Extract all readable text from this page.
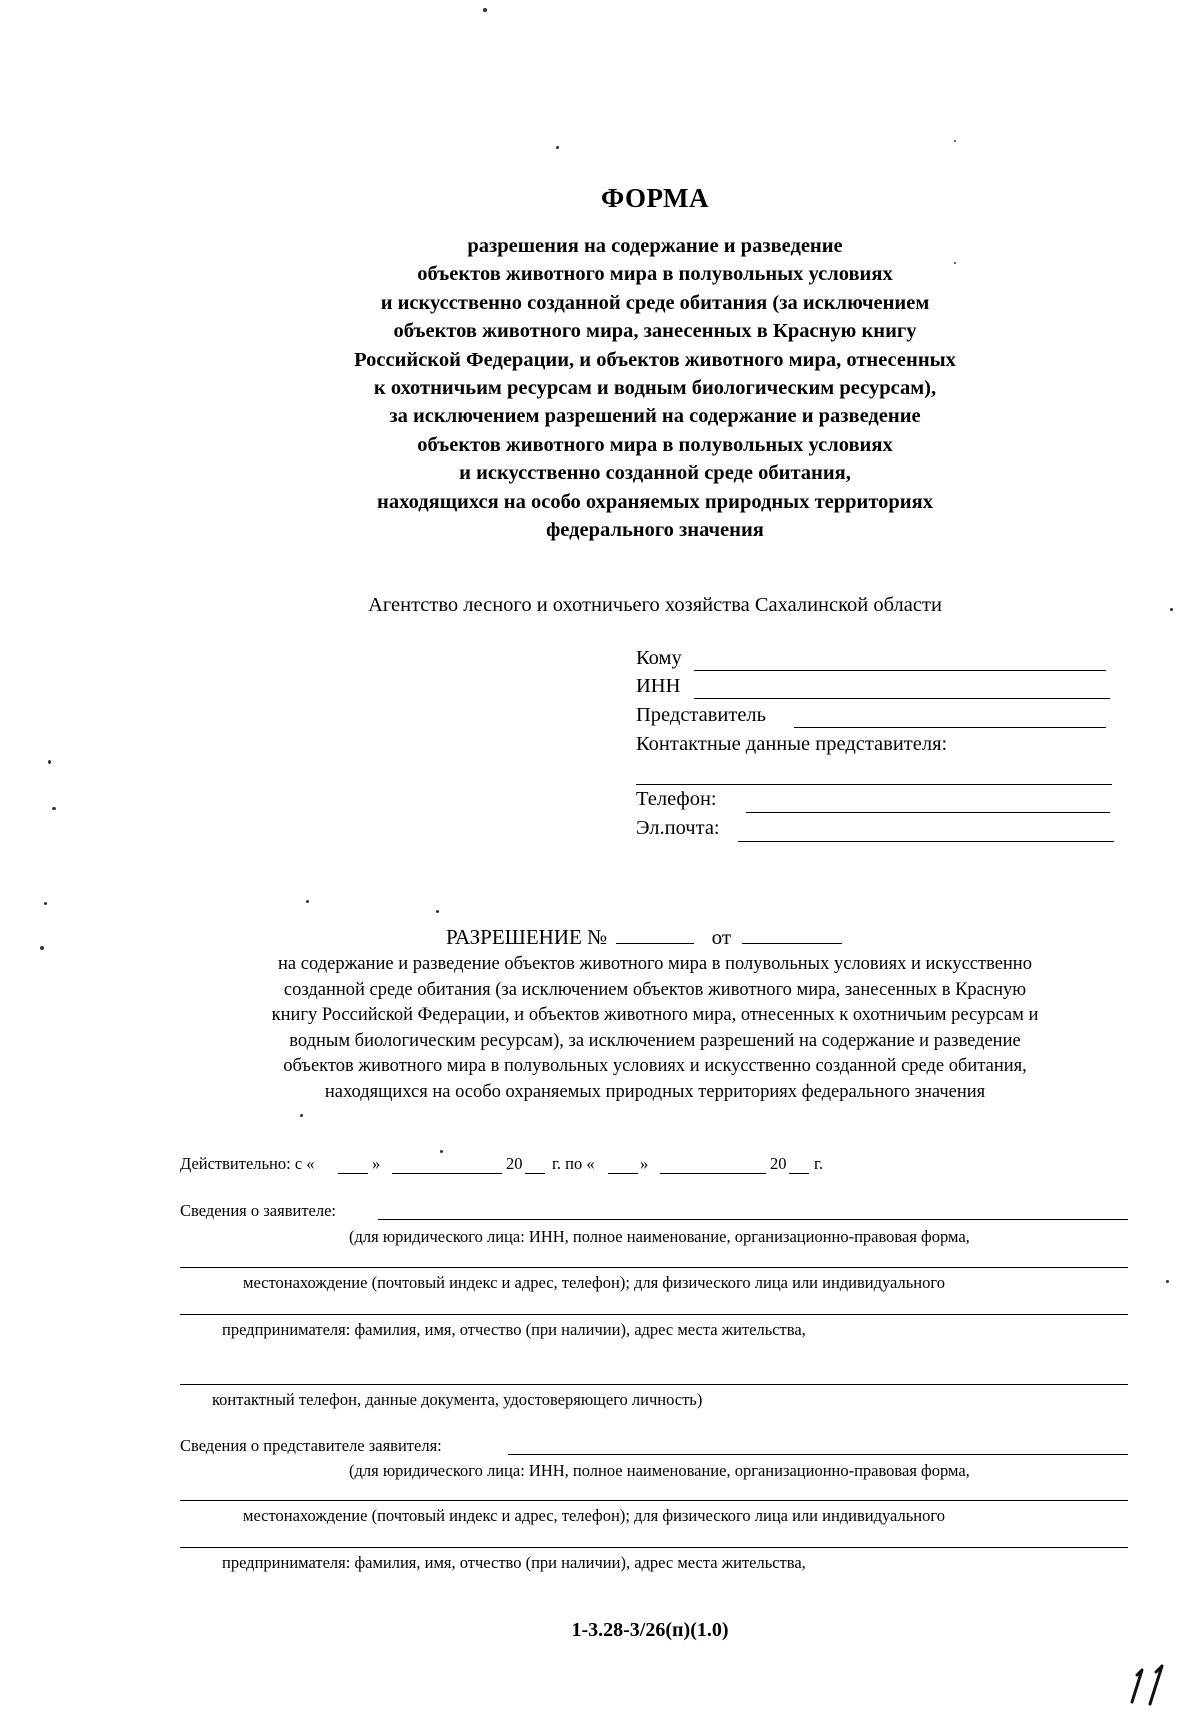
ФОРМА
разрешения на содержание и разведение
объектов животного мира в полувольных условиях
и искусственно созданной среде обитания (за исключением
объектов животного мира, занесенных в Красную книгу
Российской Федерации, и объектов животного мира, отнесенных
к охотничьим ресурсам и водным биологическим ресурсам),
за исключением разрешений на содержание и разведение
объектов животного мира в полувольных условиях
и искусственно созданной среде обитания,
находящихся на особо охраняемых природных территориях
федерального значения
Агентство лесного и охотничьего хозяйства Сахалинской области
Кому
ИНН
Представитель
Контактные данные представителя:
Телефон:
Эл.почта:
РАЗРЕШЕНИЕ №	от
на содержание и разведение объектов животного мира в полувольных условиях и искусственно
созданной среде обитания (за исключением объектов животного мира, занесенных в Красную
книгу Российской Федерации, и объектов животного мира, отнесенных к охотничьим ресурсам и
водным биологическим ресурсам), за исключением разрешений на содержание и разведение
объектов животного мира в полувольных условиях и искусственно созданной среде обитания,
находящихся на особо охраняемых природных территориях федерального значения
Действительно: с «	»	20 г. по «	»	20 г.
Сведения о заявителе:
(для юридического лица: ИНН, полное наименование, организационно-правовая форма,
местонахождение (почтовый индекс и адрес, телефон); для физического лица или индивидуального
предпринимателя: фамилия, имя, отчество (при наличии), адрес места жительства,
контактный телефон, данные документа, удостоверяющего личность)
Сведения о представителе заявителя:
(для юридического лица: ИНН, полное наименование, организационно-правовая форма,
местонахождение (почтовый индекс и адрес, телефон); для физического лица или индивидуального
предпринимателя: фамилия, имя, отчество (при наличии), адрес места жительства,
1-3.28-3/26(п)(1.0)
